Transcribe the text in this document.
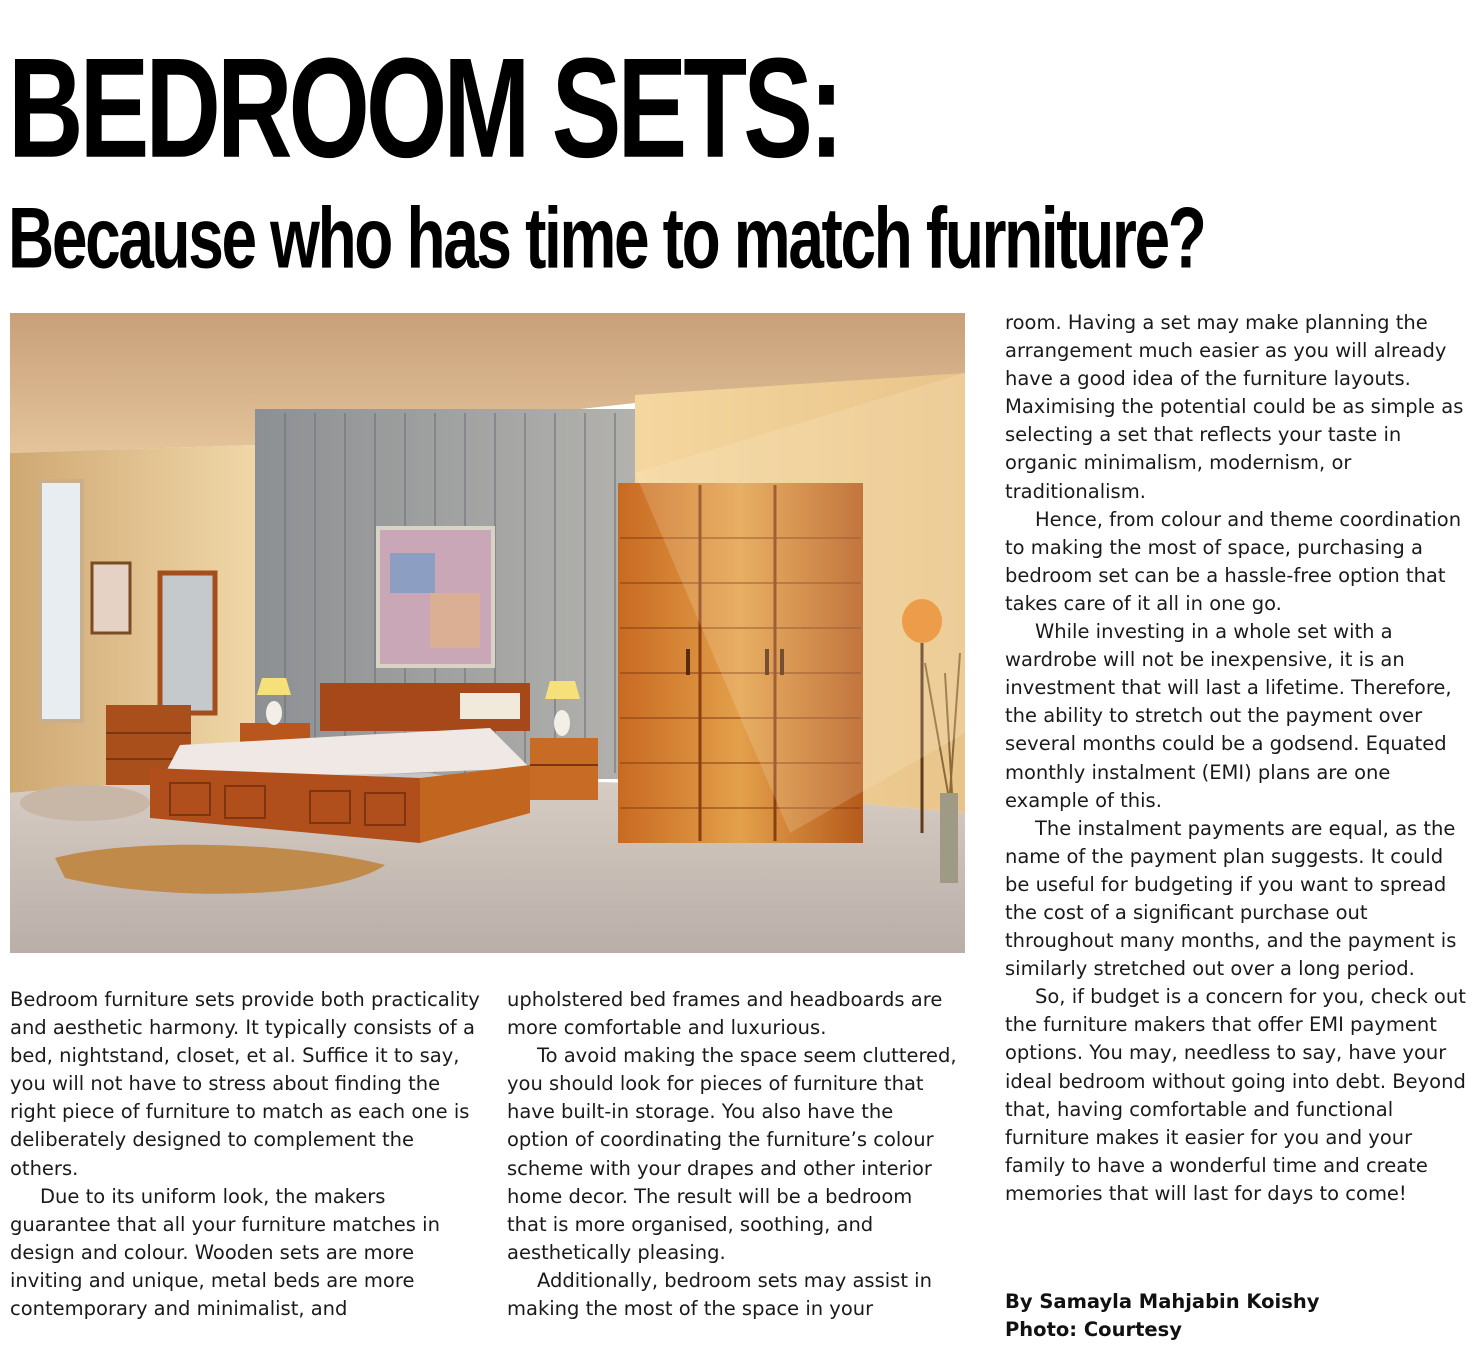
BEDROOM SETS:
Because who has time to match furniture?

Bedroom furniture sets provide both practicality and aesthetic harmony. It typically consists of a bed, nightstand, closet, et al. Suffice it to say, you will not have to stress about finding the right piece of furniture to match as each one is deliberately designed to complement the others.

Due to its uniform look, the makers guarantee that all your furniture matches in design and colour. Wooden sets are more inviting and unique, metal beds are more contemporary and minimalist, and

upholstered bed frames and headboards are more comfortable and luxurious.

To avoid making the space seem cluttered, you should look for pieces of furniture that have built-in storage. You also have the option of coordinating the furniture’s colour scheme with your drapes and other interior home decor. The result will be a bedroom that is more organised, soothing, and aesthetically pleasing.

Additionally, bedroom sets may assist in making the most of the space in your

room. Having a set may make planning the arrangement much easier as you will already have a good idea of the furniture layouts. Maximising the potential could be as simple as selecting a set that reflects your taste in organic minimalism, modernism, or traditionalism.

Hence, from colour and theme coordination to making the most of space, purchasing a bedroom set can be a hassle-free option that takes care of it all in one go.

While investing in a whole set with a wardrobe will not be inexpensive, it is an investment that will last a lifetime. Therefore, the ability to stretch out the payment over several months could be a godsend. Equated monthly instalment (EMI) plans are one example of this.

The instalment payments are equal, as the name of the payment plan suggests. It could be useful for budgeting if you want to spread the cost of a significant purchase out throughout many months, and the payment is similarly stretched out over a long period.

So, if budget is a concern for you, check out the furniture makers that offer EMI payment options. You may, needless to say, have your ideal bedroom without going into debt. Beyond that, having comfortable and functional furniture makes it easier for you and your family to have a wonderful time and create memories that will last for days to come!

By Samayla Mahjabin Koishy
Photo: Courtesy
